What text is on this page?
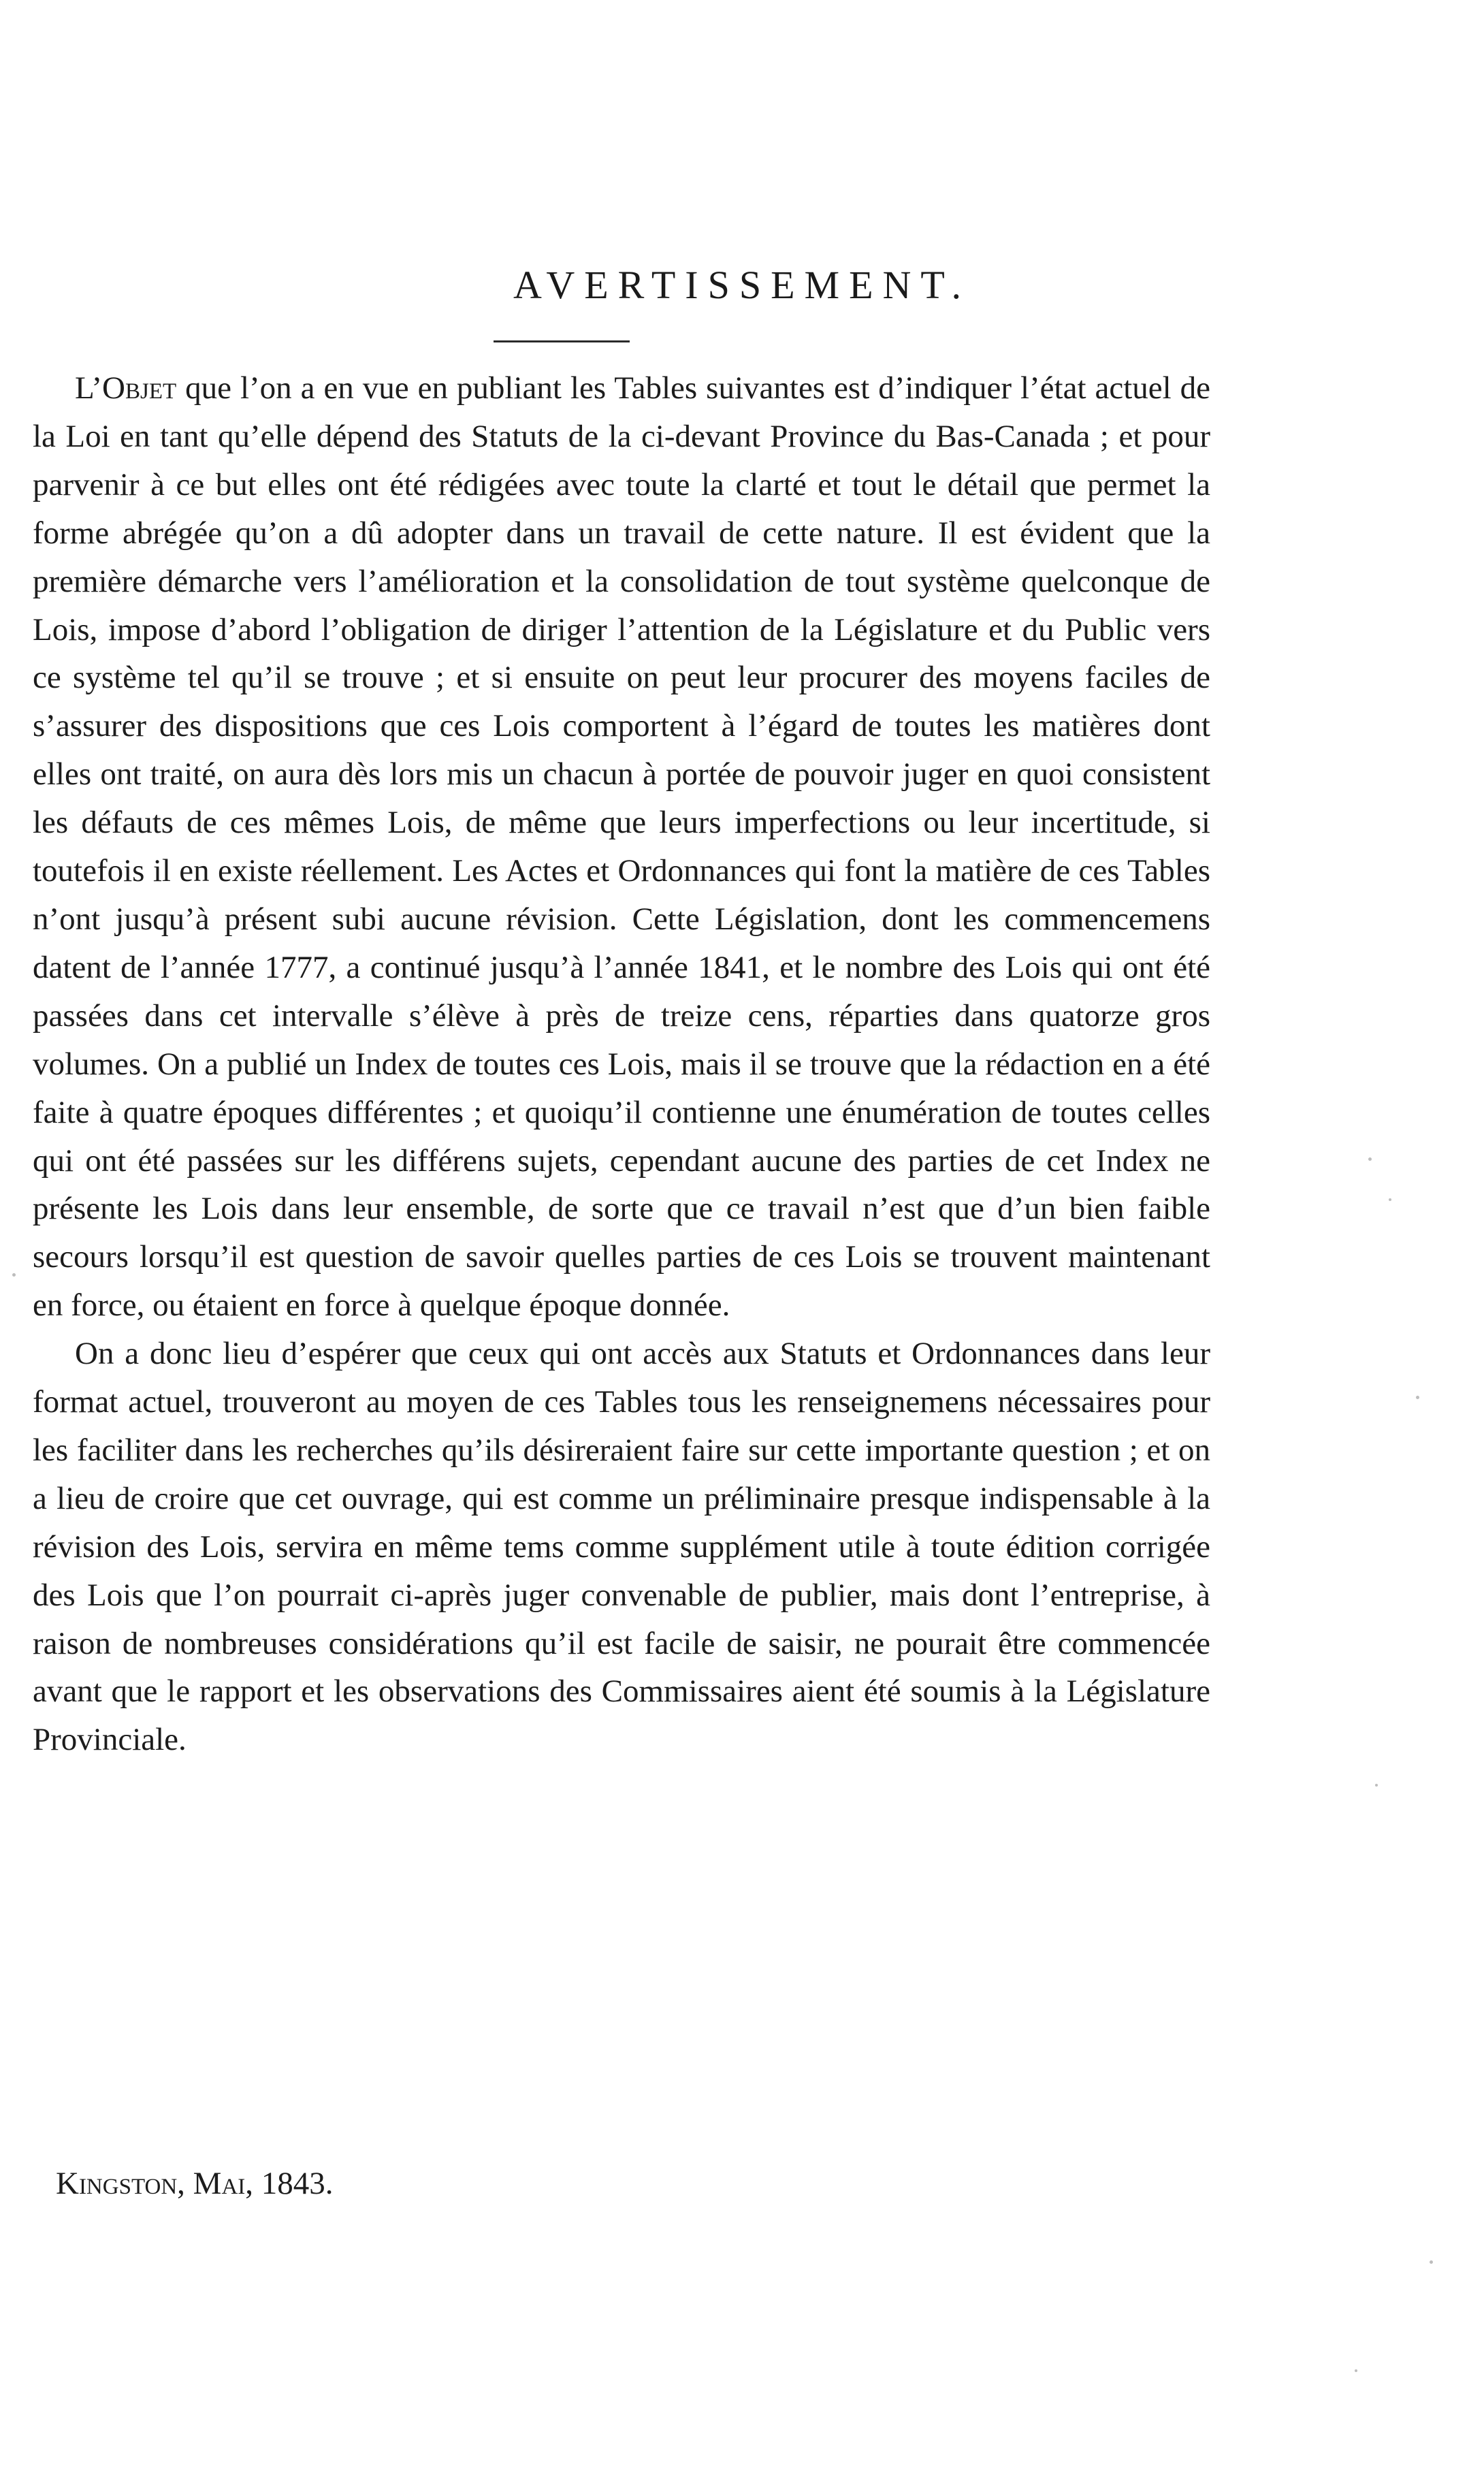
AVERTISSEMENT.

L’Objet que l’on a en vue en publiant les Tables suivantes est d’indiquer l’état actuel de la Loi en tant qu’elle dépend des Statuts de la ci-devant Province du Bas-Canada ; et pour parvenir à ce but elles ont été rédigées avec toute la clarté et tout le détail que permet la forme abrégée qu’on a dû adopter dans un travail de cette nature. Il est évident que la première démarche vers l’amélioration et la consolidation de tout système quelconque de Lois, impose d’abord l’obligation de diriger l’attention de la Législature et du Public vers ce système tel qu’il se trouve ; et si ensuite on peut leur procurer des moyens faciles de s’assurer des dispositions que ces Lois comportent à l’égard de toutes les matières dont elles ont traité, on aura dès lors mis un chacun à portée de pouvoir juger en quoi consistent les défauts de ces mêmes Lois, de même que leurs imperfections ou leur incertitude, si toutefois il en existe réellement. Les Actes et Ordonnances qui font la matière de ces Tables n’ont jusqu’à présent subi aucune révision. Cette Législation, dont les commencemens datent de l’année 1777, a continué jusqu’à l’année 1841, et le nombre des Lois qui ont été passées dans cet intervalle s’élève à près de treize cens, réparties dans quatorze gros volumes. On a publié un Index de toutes ces Lois, mais il se trouve que la rédaction en a été faite à quatre époques différentes ; et quoiqu’il contienne une énumération de toutes celles qui ont été passées sur les différens sujets, cependant aucune des parties de cet Index ne présente les Lois dans leur ensemble, de sorte que ce travail n’est que d’un bien faible secours lorsqu’il est question de savoir quelles parties de ces Lois se trouvent maintenant en force, ou étaient en force à quelque époque donnée.

On a donc lieu d’espérer que ceux qui ont accès aux Statuts et Ordonnances dans leur format actuel, trouveront au moyen de ces Tables tous les renseignemens nécessaires pour les faciliter dans les recherches qu’ils désireraient faire sur cette importante question ; et on a lieu de croire que cet ouvrage, qui est comme un préliminaire presque indispensable à la révision des Lois, servira en même tems comme supplément utile à toute édition corrigée des Lois que l’on pourrait ci-après juger convenable de publier, mais dont l’entreprise, à raison de nombreuses considérations qu’il est facile de saisir, ne pourait être commencée avant que le rapport et les observations des Commissaires aient été soumis à la Législature Provinciale.

Kingston, Mai, 1843.
